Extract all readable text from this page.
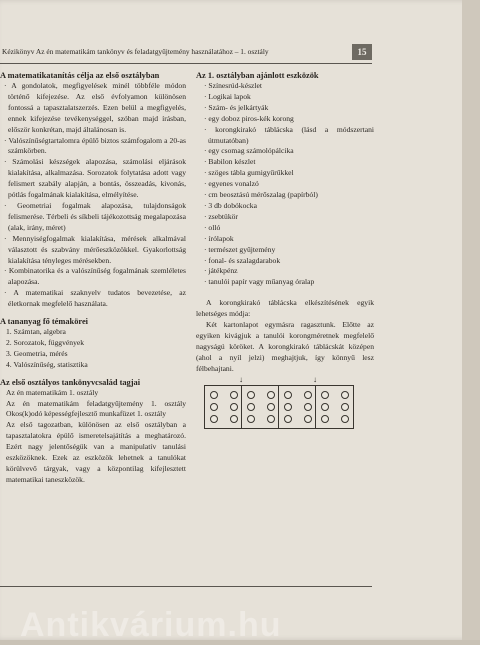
Kézikönyv Az én matematikám tankönyv és feladatgyűjtemény használatához – 1. osztály	15

A matematikatanítás célja az első osztályban

· A gondolatok, megfigyelések minél többféle módon történő kifejezése. Az első évfolyamon különösen fontossá a tapasztalatszerzés. Ezen belül a megfigyelés, ennek kifejezése tevékenységgel, szóban majd írásban, először konkrétan, majd általánosan is.

· Valószínűségtartalomra épülő biztos számfogalom a 20-as számkörben.

· Számolási készségek alapozása, számolási eljárások kialakítása, alkalmazása. Sorozatok folytatása adott vagy felismert szabály alapján, a bontás, összeadás, kivonás, pótlás fogalmának kialakítása, elmélyítése.

· Geometriai fogalmak alapozása, tulajdonságok felismerése. Térbeli és síkbeli tájékozottság megalapozása (alak, irány, méret)

· Mennyiségfogalmak kialakítása, mérések alkalmával választott és szabvány mérőeszközökkel. Gyakorlottság kialakítása tényleges mérésekben.

· Kombinatorika és a valószínűség fogalmának szemléletes alapozása.

· A matematikai szaknyelv tudatos bevezetése, az életkornak megfelelő használata.

A tananyag fő témakörei

1. Számtan, algebra

2. Sorozatok, függvények

3. Geometria, mérés

4. Valószínűség, statisztika

Az első osztályos tankönyvcsalád tagjai

Az én matematikám 1. osztály

Az én matematikám feladatgyűjtemény 1. osztály Okos(k)odó képességfejlesztő munkafüzet 1. osztály

Az első tagozatban, különösen az első osztályban a tapasztalatokra épülő ismeretelsajátítás a meghatározó. Ezért nagy jelentőségük van a manipulatív tanulási eszközöknek. Ezek az eszközök lehetnek a tanulókat körülvevő tárgyak, vagy a központilag kifejlesztett matematikai taneszközök.

Az 1. osztályban ajánlott eszközök

· Színesrúd-készlet

· Logikai lapok

· Szám- és jelkártyák

· egy doboz piros-kék korong

· korongkirakó táblácska (lásd a módszertani útmutatóban)

· egy csomag számolópálcika

· Babilon készlet

· szöges tábla gumigyűrűkkel

· egyenes vonalzó

· cm beosztású mérőszalag (papírból)

· 3 db dobókocka

· zsebtükör

· olló

· írólapok

· természet gyűjtemény

· fonal- és szalagdarabok

· játékpénz

· tanulói papír vagy műanyag óralap

A korongkirakó táblácska elkészítésének egyik lehetséges módja:

Két kartonlapot egymásra ragasztunk. Előtte az egyiken kivágjuk a tanulói korongméretnek megfelelő nagyságú köröket. A korongkirakó táblácskát középen (ahol a nyíl jelzi) meghajtjuk, így könnyű lesz félbehajtani.

↓	↓
Antikvárium.hu
